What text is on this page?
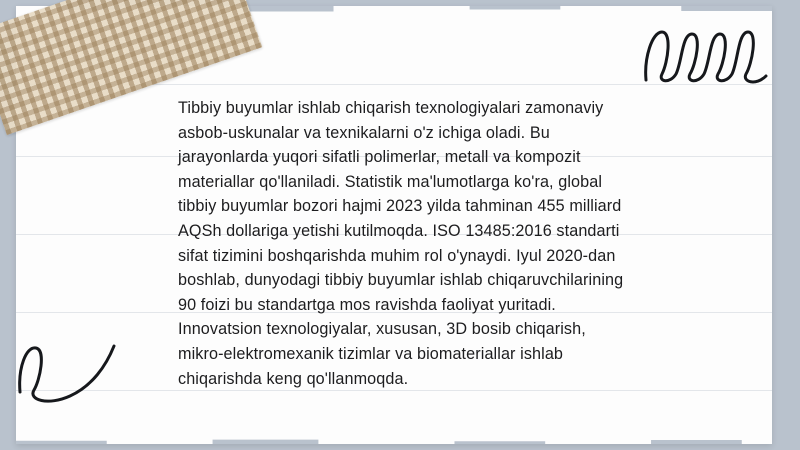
Tibbiy buyumlar ishlab chiqarish texnologiyalari zamonaviy asbob-uskunalar va texnikalarni o'z ichiga oladi. Bu jarayonlarda yuqori sifatli polimerlar, metall va kompozit materiallar qo'llaniladi. Statistik ma'lumotlarga ko'ra, global tibbiy buyumlar bozori hajmi 2023 yilda tahminan 455 milliard AQSh dollariga yetishi kutilmoqda. ISO 13485:2016 standarti sifat tizimini boshqarishda muhim rol o'ynaydi. Iyul 2020-dan boshlab, dunyodagi tibbiy buyumlar ishlab chiqaruvchilarining 90 foizi bu standartga mos ravishda faoliyat yuritadi. Innovatsion texnologiyalar, xususan, 3D bosib chiqarish, mikro-elektromexanik tizimlar va biomateriallar ishlab chiqarishda keng qo'llanmoqda.
